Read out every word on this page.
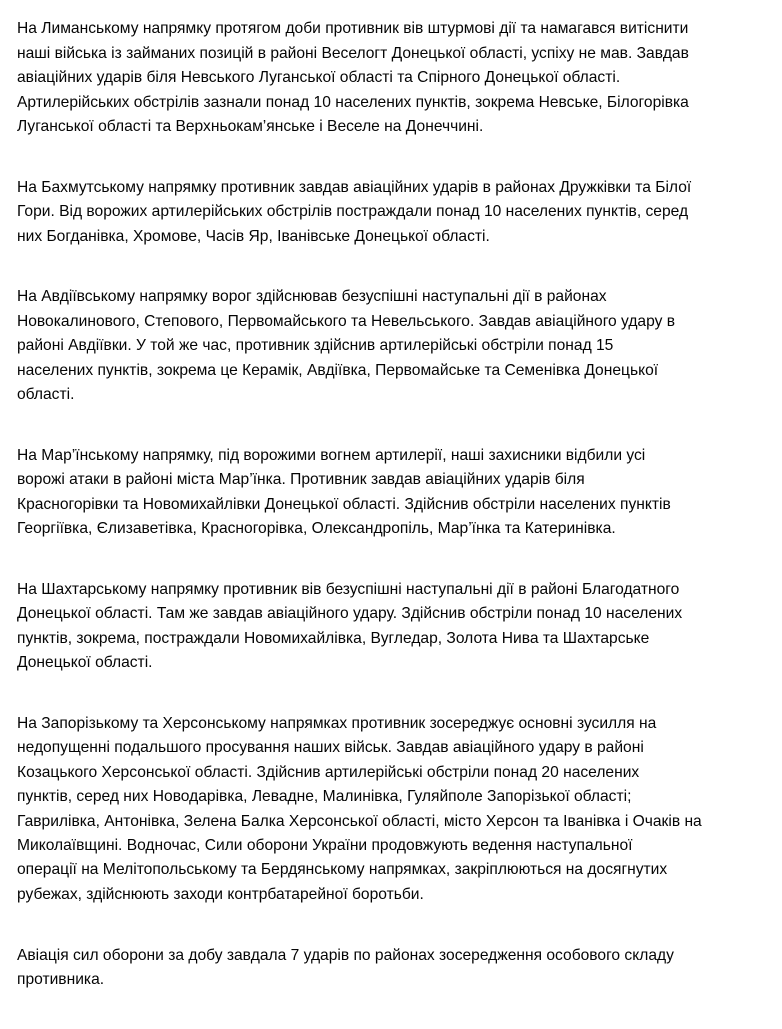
На Лиманському напрямку протягом доби противник вів штурмові дії та намагався витіснити
наші війська із займаних позицій в районі Веселогт Донецької області, успіху не мав. Завдав
авіаційних ударів біля Невського Луганської області та Спірного Донецької області.
Артилерійських обстрілів зазнали понад 10 населених пунктів, зокрема Невське, Білогорівка
Луганської області та Верхньокам’янське і Веселе на Донеччині.

На Бахмутському напрямку противник завдав авіаційних ударів в районах Дружківки та Білої
Гори. Від ворожих артилерійських обстрілів постраждали понад 10 населених пунктів, серед
них Богданівка, Хромове, Часів Яр, Іванівське Донецької області.

На Авдіївському напрямку ворог здійснював безуспішні наступальні дії в районах
Новокалинового, Степового, Первомайського та Невельського. Завдав авіаційного удару в
районі Авдіївки. У той же час, противник здійснив артилерійські обстріли понад 15
населених пунктів, зокрема це Керамік, Авдіївка, Первомайське та Семенівка Донецької
області.

На Мар’їнському напрямку, під ворожими вогнем артилерії, наші захисники відбили усі
ворожі атаки в районі міста Мар’їнка. Противник завдав авіаційних ударів біля
Красногорівки та Новомихайлівки Донецької області. Здійснив обстріли населених пунктів
Георгіївка, Єлизаветівка, Красногорівка, Олександропіль, Мар’їнка та Катеринівка.

На Шахтарському напрямку противник вів безуспішні наступальні дії в районі Благодатного
Донецької області. Там же завдав авіаційного удару. Здійснив обстріли понад 10 населених
пунктів, зокрема, постраждали Новомихайлівка, Вугледар, Золота Нива та Шахтарське
Донецької області.

На Запорізькому та Херсонському напрямках противник зосереджує основні зусилля на
недопущенні подальшого просування наших військ. Завдав авіаційного удару в районі
Козацького Херсонської області. Здійснив артилерійські обстріли понад 20 населених
пунктів, серед них Новодарівка, Левадне, Малинівка, Гуляйполе Запорізької області;
Гаврилівка, Антонівка, Зелена Балка Херсонської області, місто Херсон та Іванівка і Очаків на
Миколаївщині. Водночас, Сили оборони України продовжують ведення наступальної
операції на Мелітопольському та Бердянському напрямках, закріплюються на досягнутих
рубежах, здійснюють заходи контрбатарейної боротьби.

Авіація сил оборони за добу завдала 7 ударів по районах зосередження особового складу
противника.
